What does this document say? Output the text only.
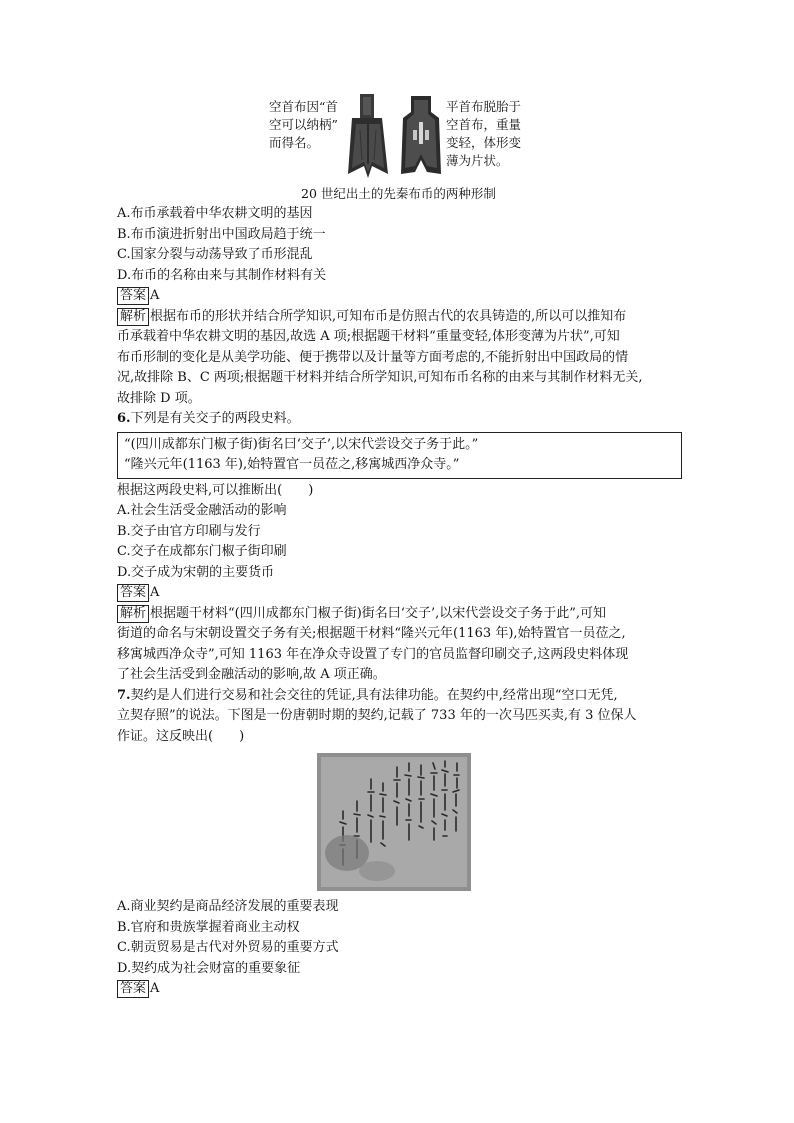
空首布因“首
空可以纳柄”
而得名。
平首布脱胎于
空首布，重量
变轻，体形变
薄为片状。
20 世纪出土的先秦布币的两种形制

A.布币承载着中华农耕文明的基因

B.布币演进折射出中国政局趋于统一

C.国家分裂与动荡导致了币形混乱

D.布币的名称由来与其制作材料有关

答案 A

解析 根据布币的形状并结合所学知识,可知布币是仿照古代的农具铸造的,所以可以推知布

币承载着中华农耕文明的基因,故选 A 项;根据题干材料“重量变轻,体形变薄为片状”,可知

布币形制的变化是从美学功能、便于携带以及计量等方面考虑的,不能折射出中国政局的情

况,故排除 B、C 两项;根据题干材料并结合所学知识,可知布币名称的由来与其制作材料无关,

故排除 D 项。

6.下列是有关交子的两段史料。

“(四川成都东门椒子街)街名曰‘交子’,以宋代尝设交子务于此。”

“隆兴元年(1163 年),始特置官一员莅之,移寓城西净众寺。”

根据这两段史料,可以推断出(　　)

A.社会生活受金融活动的影响

B.交子由官方印刷与发行

C.交子在成都东门椒子街印刷

D.交子成为宋朝的主要货币

答案 A

解析 根据题干材料“(四川成都东门椒子街)街名曰‘交子’,以宋代尝设交子务于此”,可知

街道的命名与宋朝设置交子务有关;根据题干材料“隆兴元年(1163 年),始特置官一员莅之,

移寓城西净众寺”,可知 1163 年在净众寺设置了专门的官员监督印刷交子,这两段史料体现

了社会生活受到金融活动的影响,故 A 项正确。

7.契约是人们进行交易和社会交往的凭证,具有法律功能。在契约中,经常出现“空口无凭,

立契存照”的说法。下图是一份唐朝时期的契约,记载了 733 年的一次马匹买卖,有 3 位保人

作证。这反映出(　　)

A.商业契约是商品经济发展的重要表现

B.官府和贵族掌握着商业主动权

C.朝贡贸易是古代对外贸易的重要方式

D.契约成为社会财富的重要象征

答案 A
